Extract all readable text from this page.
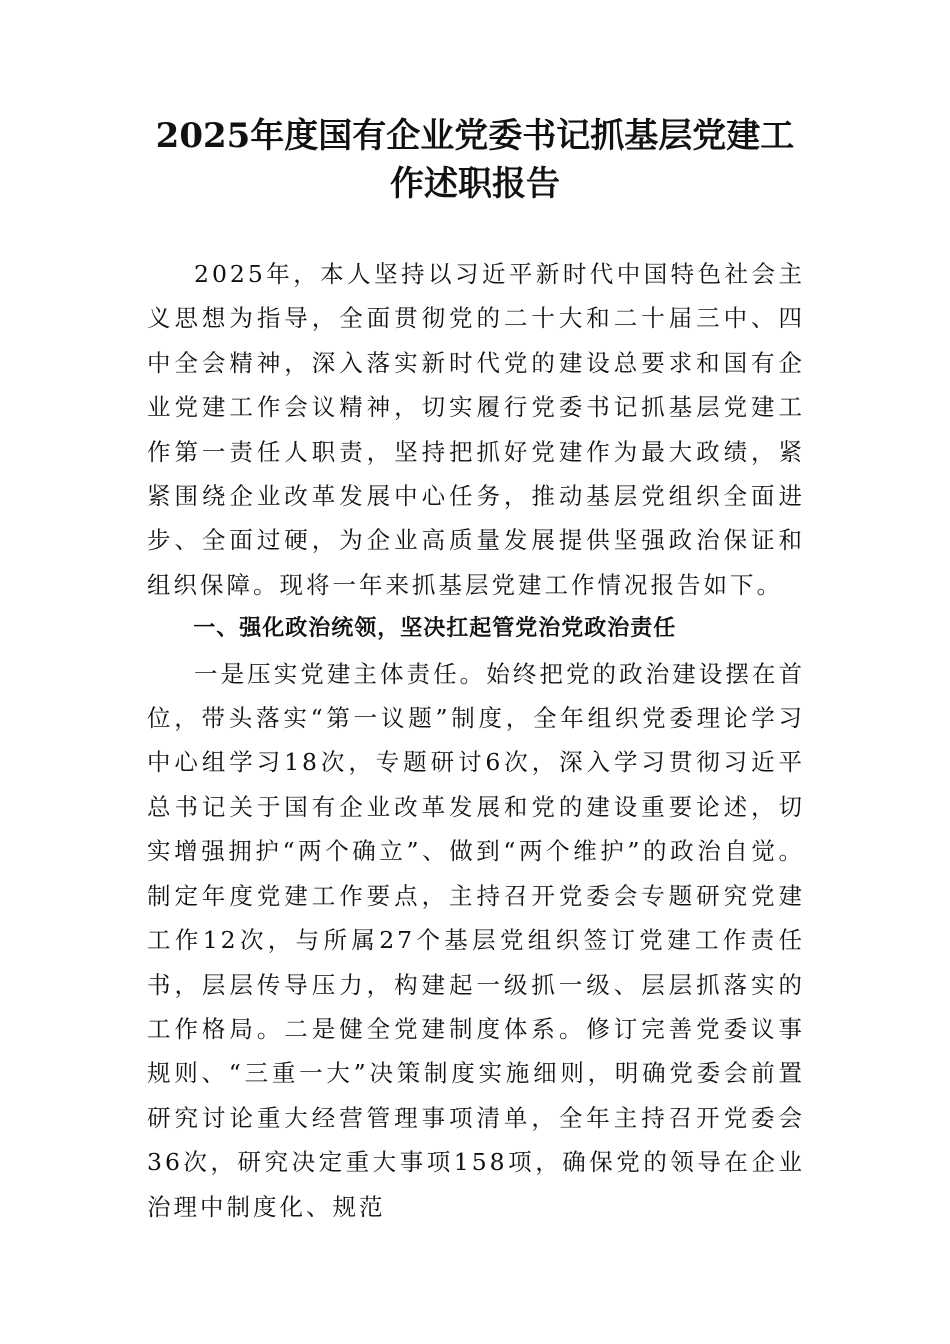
2025年度国有企业党委书记抓基层党建工作述职报告

2025年，本人坚持以习近平新时代中国特色社会主义思想为指导，全面贯彻党的二十大和二十届三中、四中全会精神，深入落实新时代党的建设总要求和国有企业党建工作会议精神，切实履行党委书记抓基层党建工作第一责任人职责，坚持把抓好党建作为最大政绩，紧紧围绕企业改革发展中心任务，推动基层党组织全面进步、全面过硬，为企业高质量发展提供坚强政治保证和组织保障。现将一年来抓基层党建工作情况报告如下。

一、强化政治统领，坚决扛起管党治党政治责任

一是压实党建主体责任。始终把党的政治建设摆在首位，带头落实“第一议题”制度，全年组织党委理论学习中心组学习18次，专题研讨6次，深入学习贯彻习近平总书记关于国有企业改革发展和党的建设重要论述，切实增强拥护“两个确立”、做到“两个维护”的政治自觉。制定年度党建工作要点，主持召开党委会专题研究党建工作12次，与所属27个基层党组织签订党建工作责任书，层层传导压力，构建起一级抓一级、层层抓落实的工作格局。二是健全党建制度体系。修订完善党委议事规则、“三重一大”决策制度实施细则，明确党委会前置研究讨论重大经营管理事项清单，全年主持召开党委会36次，研究决定重大事项158项，确保党的领导在企业治理中制度化、规范
